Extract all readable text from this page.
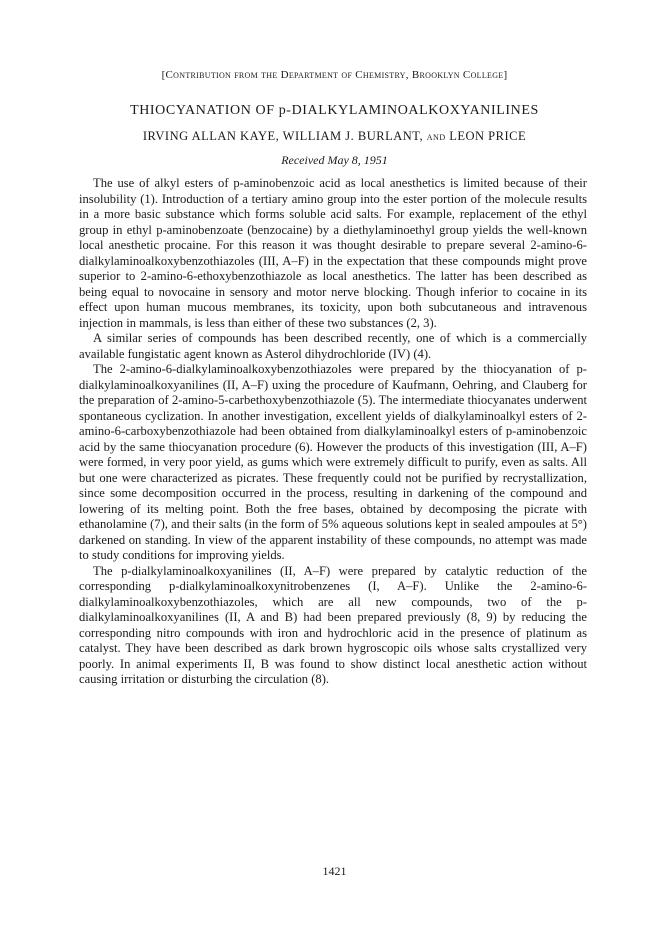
[Contribution from the Department of Chemistry, Brooklyn College]
THIOCYANATION OF p-DIALKYLAMINOALKOXYANILINES
IRVING ALLAN KAYE, WILLIAM J. BURLANT, and LEON PRICE
Received May 8, 1951

The use of alkyl esters of p-aminobenzoic acid as local anesthetics is limited because of their insolubility (1). Introduction of a tertiary amino group into the ester portion of the molecule results in a more basic substance which forms soluble acid salts. For example, replacement of the ethyl group in ethyl p-aminobenzoate (benzocaine) by a diethylaminoethyl group yields the well-known local anesthetic procaine. For this reason it was thought desirable to prepare several 2-amino-6-dialkylaminoalkoxybenzothiazoles (III, A–F) in the expectation that these compounds might prove superior to 2-amino-6-ethoxybenzothiazole as local anesthetics. The latter has been described as being equal to novocaine in sensory and motor nerve blocking. Though inferior to cocaine in its effect upon human mucous membranes, its toxicity, upon both subcutaneous and intravenous injection in mammals, is less than either of these two substances (2, 3).

A similar series of compounds has been described recently, one of which is a commercially available fungistatic agent known as Asterol dihydrochloride (IV) (4).

The 2-amino-6-dialkylaminoalkoxybenzothiazoles were prepared by the thiocyanation of p-dialkylaminoalkoxyanilines (II, A–F) uxing the procedure of Kaufmann, Oehring, and Clauberg for the preparation of 2-amino-5-carbethoxybenzothiazole (5). The intermediate thiocyanates underwent spontaneous cyclization. In another investigation, excellent yields of dialkylaminoalkyl esters of 2-amino-6-carboxybenzothiazole had been obtained from dialkylaminoalkyl esters of p-aminobenzoic acid by the same thiocyanation procedure (6). However the products of this investigation (III, A–F) were formed, in very poor yield, as gums which were extremely difficult to purify, even as salts. All but one were characterized as picrates. These frequently could not be purified by recrystallization, since some decomposition occurred in the process, resulting in darkening of the compound and lowering of its melting point. Both the free bases, obtained by decomposing the picrate with ethanolamine (7), and their salts (in the form of 5% aqueous solutions kept in sealed ampoules at 5°) darkened on standing. In view of the apparent instability of these compounds, no attempt was made to study conditions for improving yields.

The p-dialkylaminoalkoxyanilines (II, A–F) were prepared by catalytic reduction of the corresponding p-dialkylaminoalkoxynitrobenzenes (I, A–F). Unlike the 2-amino-6-dialkylaminoalkoxybenzothiazoles, which are all new compounds, two of the p-dialkylaminoalkoxyanilines (II, A and B) had been prepared previously (8, 9) by reducing the corresponding nitro compounds with iron and hydrochloric acid in the presence of platinum as catalyst. They have been described as dark brown hygroscopic oils whose salts crystallized very poorly. In animal experiments II, B was found to show distinct local anesthetic action without causing irritation or disturbing the circulation (8).

1421
